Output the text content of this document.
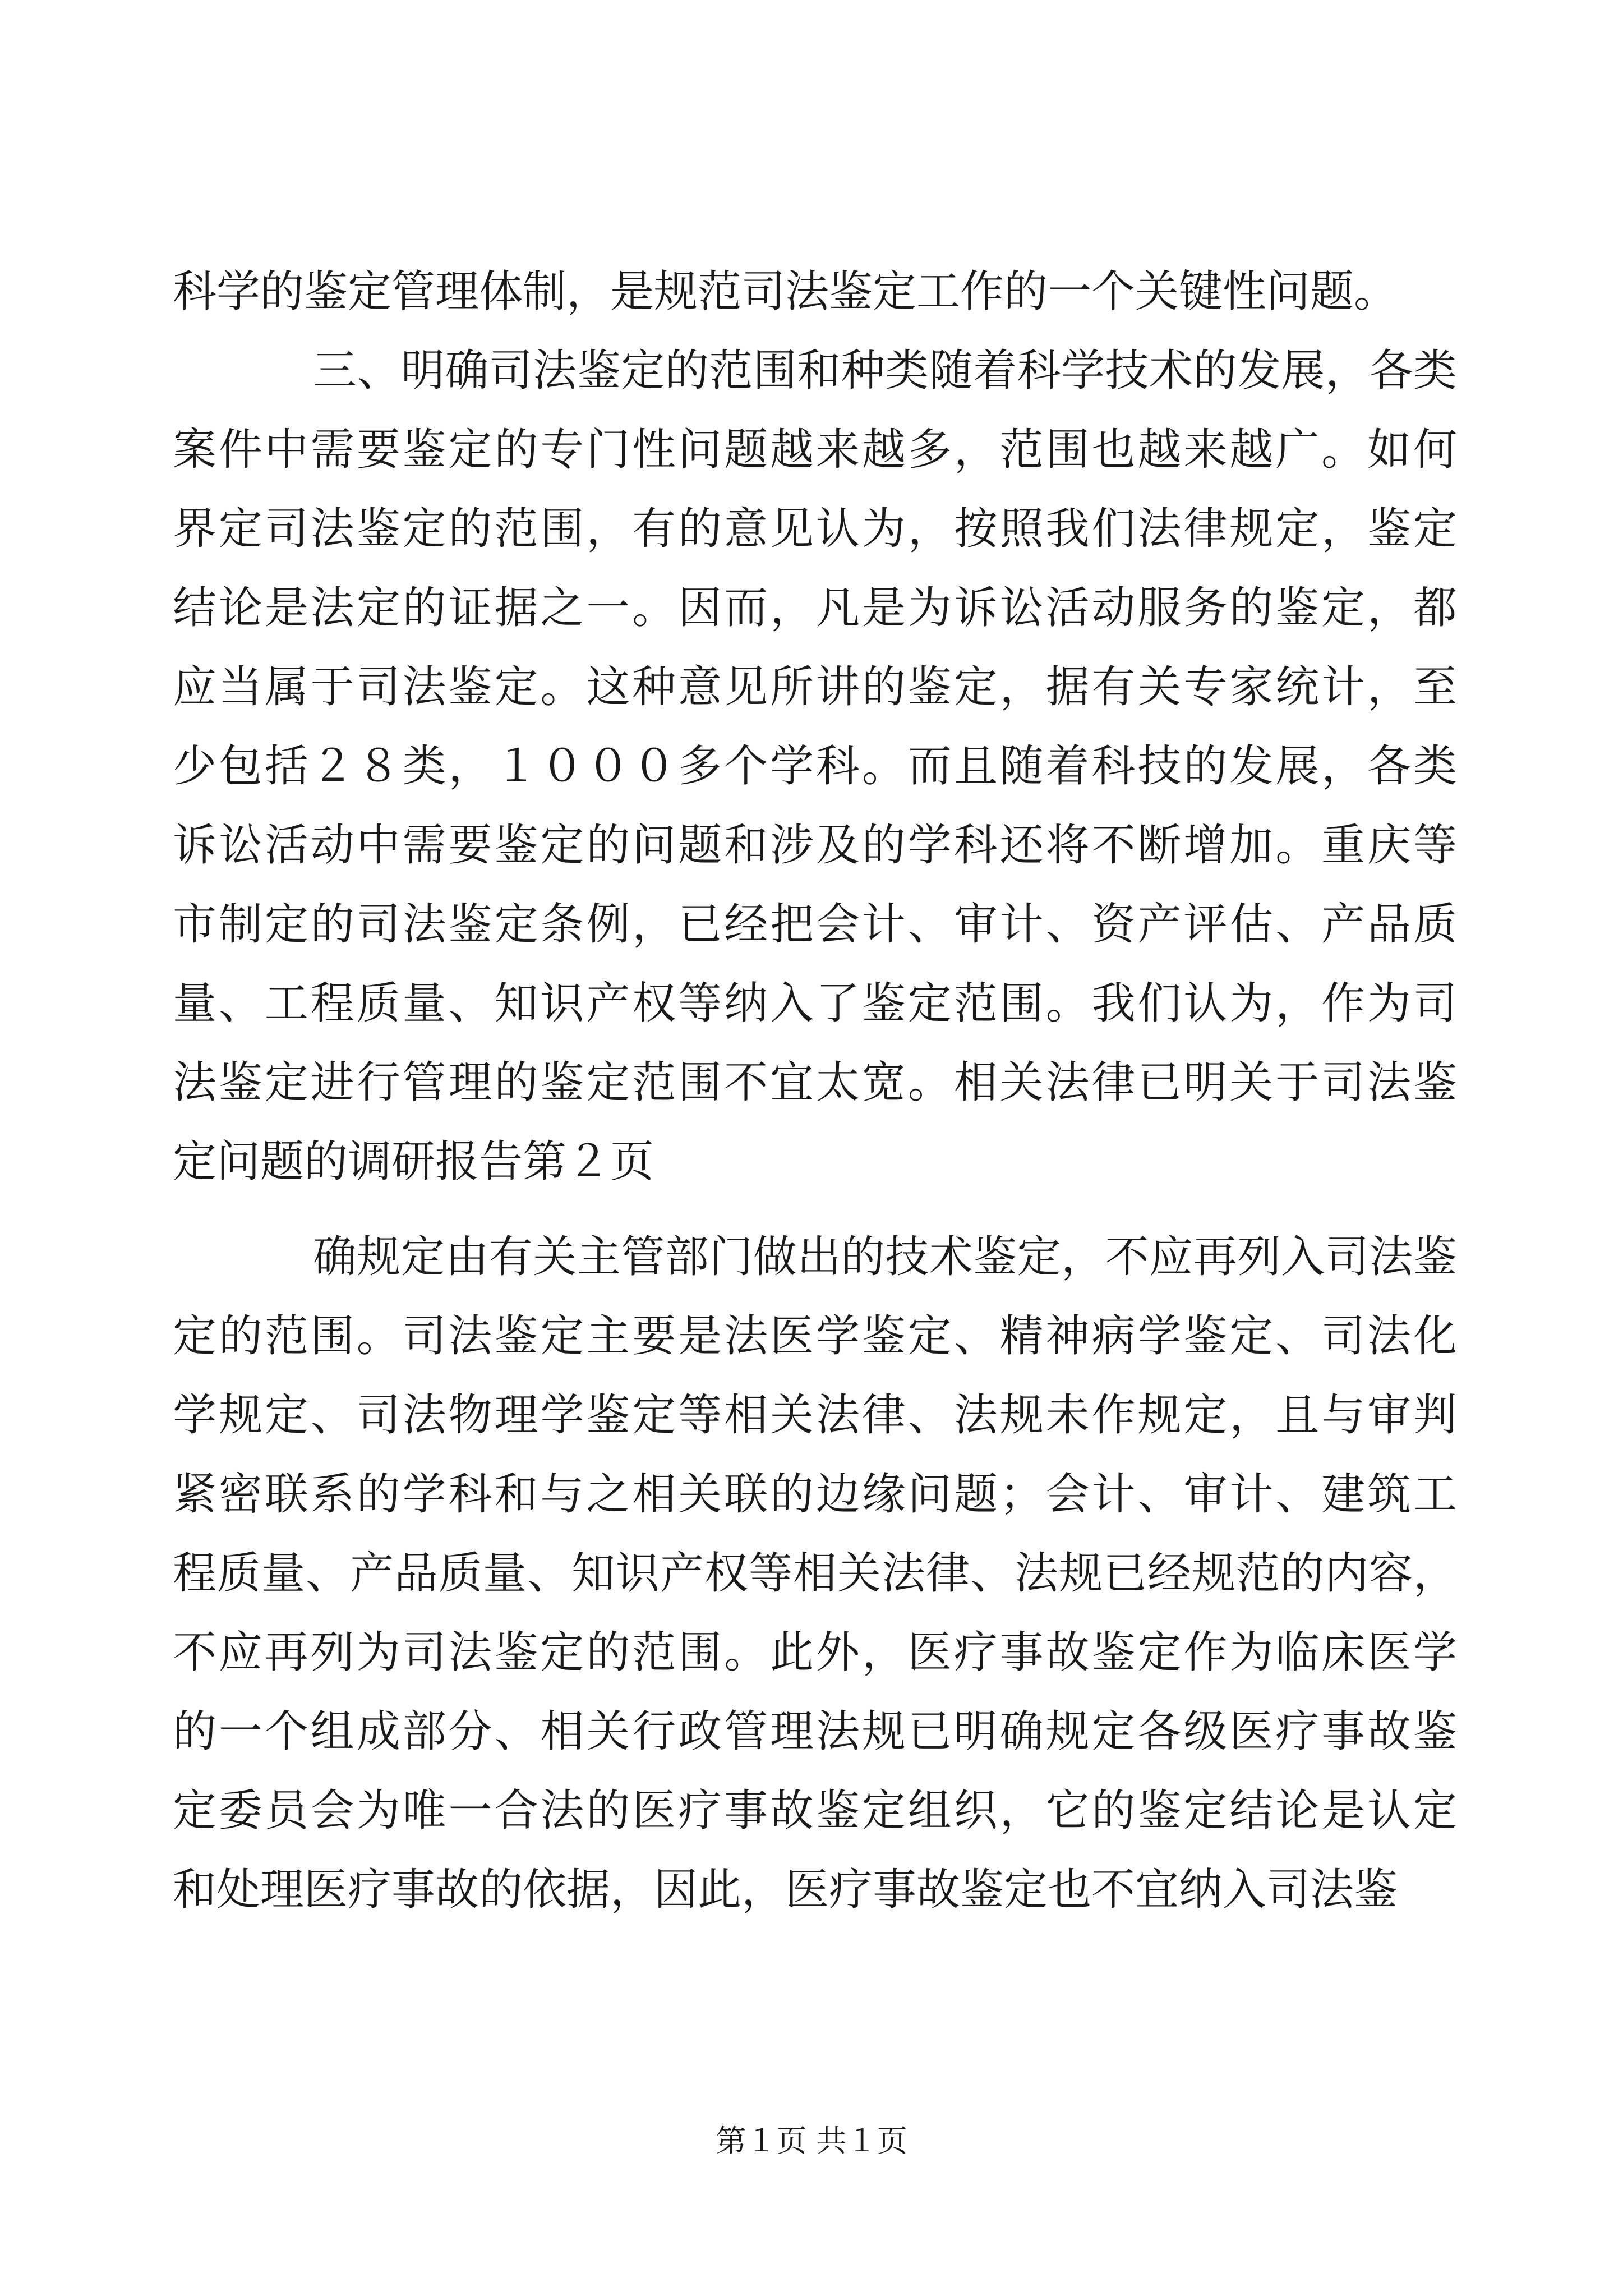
科学的鉴定管理体制，是规范司法鉴定工作的一个关键性问题。
三、明确司法鉴定的范围和种类随着科学技术的发展，各类
案件中需要鉴定的专门性问题越来越多，范围也越来越广。如何
界定司法鉴定的范围，有的意见认为，按照我们法律规定，鉴定
结论是法定的证据之一。因而，凡是为诉讼活动服务的鉴定，都
应当属于司法鉴定。这种意见所讲的鉴定，据有关专家统计，至
少包括２８类，１０００多个学科。而且随着科技的发展，各类
诉讼活动中需要鉴定的问题和涉及的学科还将不断增加。重庆等
市制定的司法鉴定条例，已经把会计、审计、资产评估、产品质
量、工程质量、知识产权等纳入了鉴定范围。我们认为，作为司
法鉴定进行管理的鉴定范围不宜太宽。相关法律已明关于司法鉴
定问题的调研报告第２页
确规定由有关主管部门做出的技术鉴定，不应再列入司法鉴
定的范围。司法鉴定主要是法医学鉴定、精神病学鉴定、司法化
学规定、司法物理学鉴定等相关法律、法规未作规定，且与审判
紧密联系的学科和与之相关联的边缘问题；会计、审计、建筑工
程质量、产品质量、知识产权等相关法律、法规已经规范的内容，
不应再列为司法鉴定的范围。此外，医疗事故鉴定作为临床医学
的一个组成部分、相关行政管理法规已明确规定各级医疗事故鉴
定委员会为唯一合法的医疗事故鉴定组织，它的鉴定结论是认定
和处理医疗事故的依据，因此，医疗事故鉴定也不宜纳入司法鉴
第１页 共１页
